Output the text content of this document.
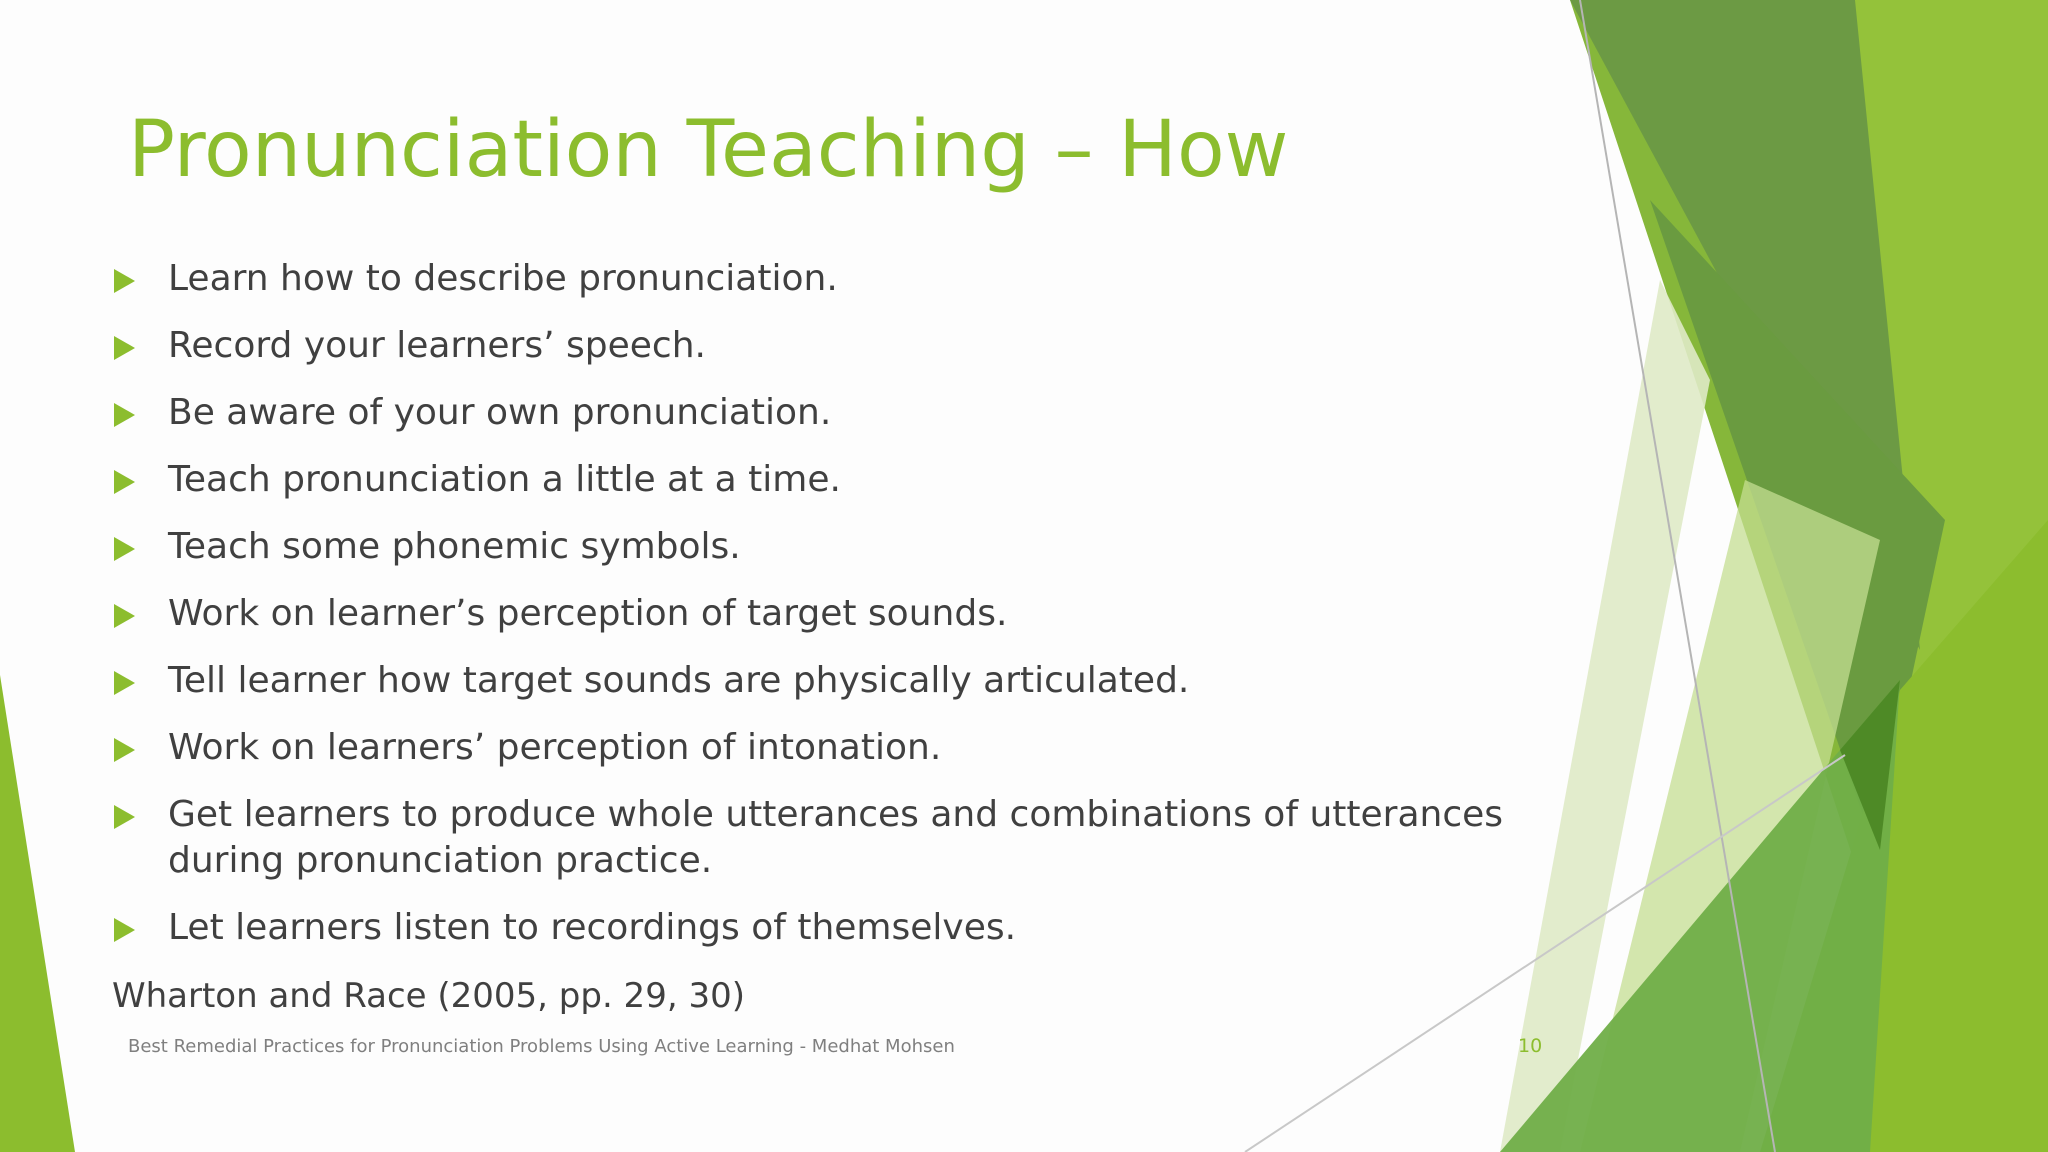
Pronunciation Teaching – How
Learn how to describe pronunciation.
Record your learners’ speech.
Be aware of your own pronunciation.
Teach pronunciation a little at a time.
Teach some phonemic symbols.
Work on learner’s perception of target sounds.
Tell learner how target sounds are physically articulated.
Work on learners’ perception of intonation.
Get learners to produce whole utterances and combinations of utterances during pronunciation practice.
Let learners listen to recordings of themselves.
Wharton and Race (2005, pp. 29, 30)
Best Remedial Practices for Pronunciation Problems Using Active Learning - Medhat Mohsen	10
